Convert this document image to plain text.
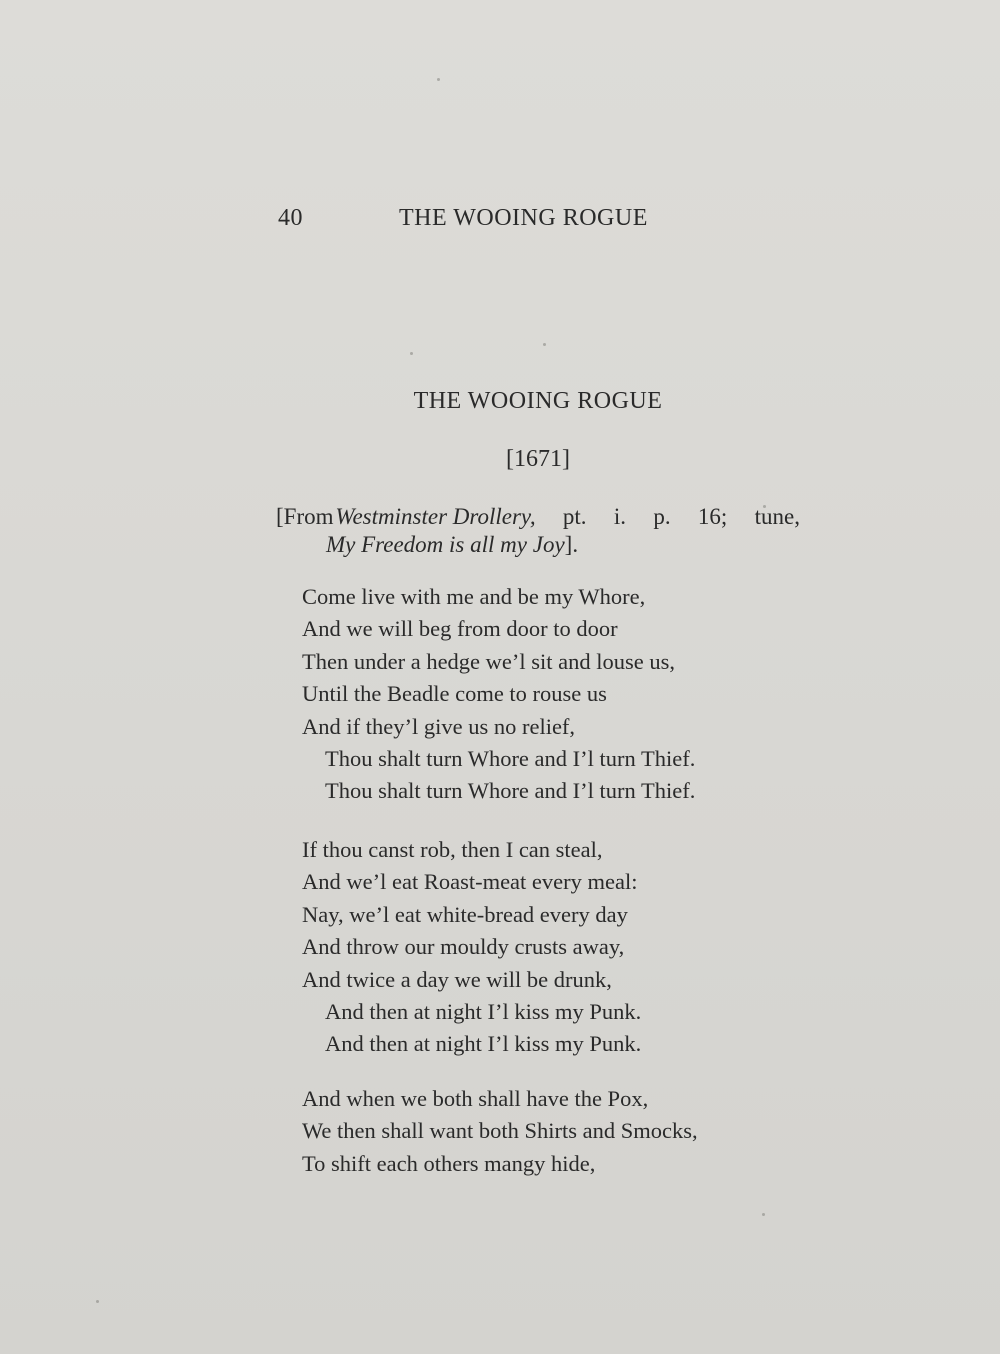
40	THE WOOING ROGUE
THE WOOING ROGUE
[1671]
[From Westminster Drollery, pt. i. p. 16; tune,
My Freedom is all my Joy].
Come live with me and be my Whore,
And we will beg from door to door
Then under a hedge we’l sit and louse us,
Until the Beadle come to rouse us
And if they’l give us no relief,
Thou shalt turn Whore and I’l turn Thief.
Thou shalt turn Whore and I’l turn Thief.
If thou canst rob, then I can steal,
And we’l eat Roast-meat every meal:
Nay, we’l eat white-bread every day
And throw our mouldy crusts away,
And twice a day we will be drunk,
And then at night I’l kiss my Punk.
And then at night I’l kiss my Punk.
And when we both shall have the Pox,
We then shall want both Shirts and Smocks,
To shift each others mangy hide,
